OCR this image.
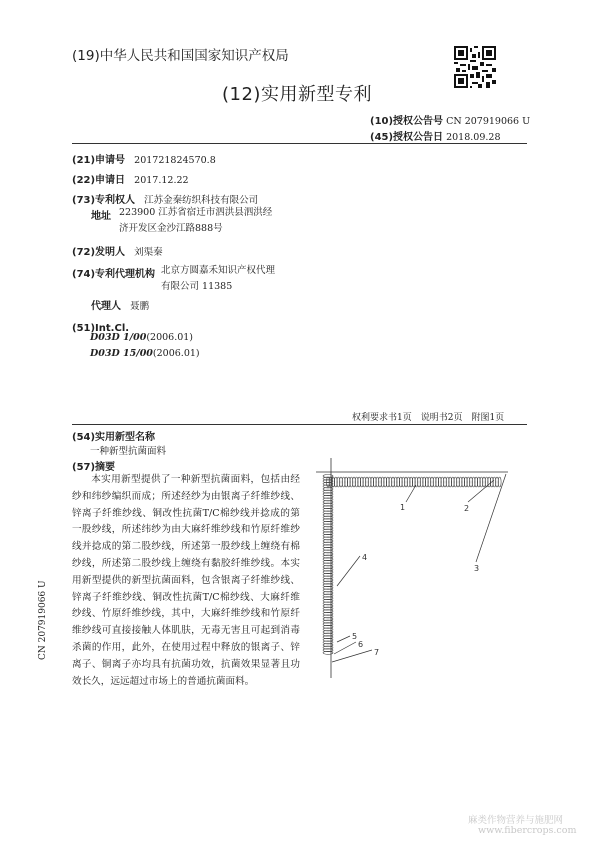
(19)中华人民共和国国家知识产权局
(12)实用新型专利
(10)授权公告号 CN 207919066 U
(45)授权公告日 2018.09.28
(21)申请号 201721824570.8
(22)申请日 2017.12.22
(73)专利权人 江苏金秦纺织科技有限公司
地址 223900 江苏省宿迁市泗洪县泗洪经
济开发区金沙江路888号
(72)发明人 刘渠秦
(74)专利代理机构 北京方圆嘉禾知识产权代理
有限公司 11385
代理人 聂鹏
(51)Int.Cl.
D03D 1/00(2006.01)
D03D 15/00(2006.01)
权利要求书1页　说明书2页　附图1页
(54)实用新型名称
一种新型抗菌面料
(57)摘要

本实用新型提供了一种新型抗菌面料，包括由经纱和纬纱编织而成；所述经纱为由银离子纤维纱线、锌离子纤维纱线、铜改性抗菌T/C棉纱线并捻成的第一股纱线，所述纬纱为由大麻纤维纱线和竹原纤维纱线并捻成的第二股纱线，所述第一股纱线上缠绕有棉纱线，所述第二股纱线上缠绕有黏胶纤维纱线。本实用新型提供的新型抗菌面料，包含银离子纤维纱线、锌离子纤维纱线、铜改性抗菌T/C棉纱线、大麻纤维纱线、竹原纤维纱线，其中，大麻纤维纱线和竹原纤维纱线可直接接触人体肌肤，无毒无害且可起到消毒杀菌的作用，此外，在使用过程中释放的银离子、锌离子、铜离子亦均具有抗菌功效，抗菌效果显著且功效长久，远远超过市场上的普通抗菌面料。

1	2
3
4
5
6
7
CN 207919066 U
麻类作物营养与施肥网
www.fibercrops.com
